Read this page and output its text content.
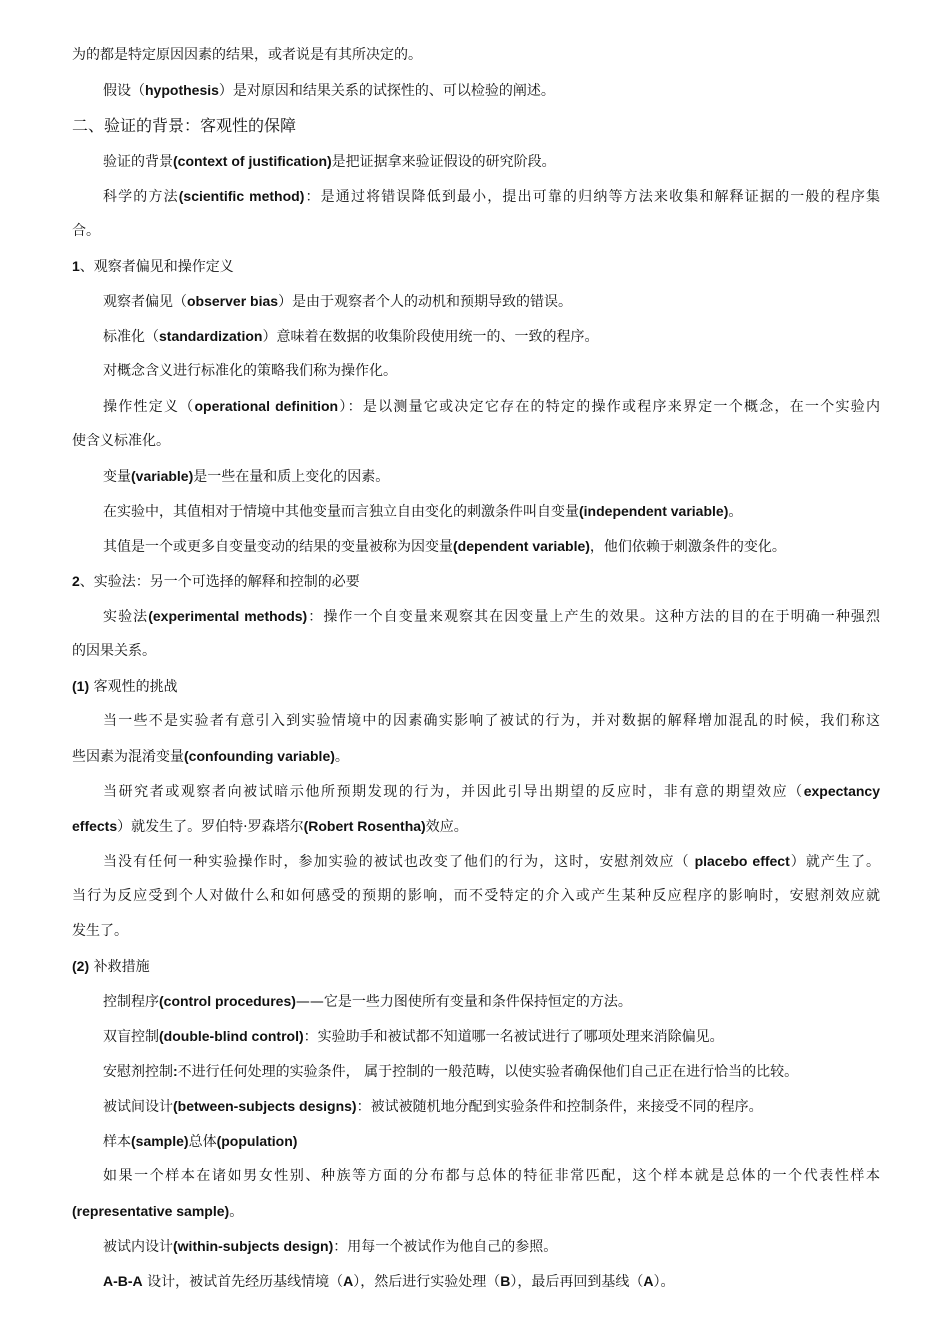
为的都是特定原因因素的结果，或者说是有其所决定的。
假设（hypothesis）是对原因和结果关系的试探性的、可以检验的阐述。
二、验证的背景：客观性的保障
验证的背景(context of justification)是把证据拿来验证假设的研究阶段。
科学的方法(scientific method)：是通过将错误降低到最小，提出可靠的归纳等方法来收集和解释证据的一般的程序集
合。
1、观察者偏见和操作定义
观察者偏见（observer bias）是由于观察者个人的动机和预期导致的错误。
标准化（standardization）意味着在数据的收集阶段使用统一的、一致的程序。
对概念含义进行标准化的策略我们称为操作化。
操作性定义（operational definition）：是以测量它或决定它存在的特定的操作或程序来界定一个概念，在一个实验内
使含义标准化。
变量(variable)是一些在量和质上变化的因素。
在实验中，其值相对于情境中其他变量而言独立自由变化的刺激条件叫自变量(independent variable)。
其值是一个或更多自变量变动的结果的变量被称为因变量(dependent variable)，他们依赖于刺激条件的变化。
2、实验法：另一个可选择的解释和控制的必要
实验法(experimental methods)：操作一个自变量来观察其在因变量上产生的效果。这种方法的目的在于明确一种强烈
的因果关系。
(1) 客观性的挑战
当一些不是实验者有意引入到实验情境中的因素确实影响了被试的行为，并对数据的解释增加混乱的时候，我们称这
些因素为混淆变量(confounding variable)。
当研究者或观察者向被试暗示他所预期发现的行为，并因此引导出期望的反应时，非有意的期望效应（expectancy
effects）就发生了。罗伯特·罗森塔尔(Robert Rosentha)效应。
当没有任何一种实验操作时，参加实验的被试也改变了他们的行为，这时，安慰剂效应（ placebo effect）就产生了。
当行为反应受到个人对做什么和如何感受的预期的影响，而不受特定的介入或产生某种反应程序的影响时，安慰剂效应就
发生了。
(2) 补救措施
控制程序(control procedures)——它是一些力图使所有变量和条件保持恒定的方法。
双盲控制(double-blind control)：实验助手和被试都不知道哪一名被试进行了哪项处理来消除偏见。
安慰剂控制:不进行任何处理的实验条件， 属于控制的一般范畴，以使实验者确保他们自己正在进行恰当的比较。
被试间设计(between-subjects designs)：被试被随机地分配到实验条件和控制条件，来接受不同的程序。
样本(sample)总体(population)
如果一个样本在诸如男女性别、种族等方面的分布都与总体的特征非常匹配，这个样本就是总体的一个代表性样本
(representative sample)。
被试内设计(within-subjects design)：用每一个被试作为他自己的参照。
A-B-A 设计，被试首先经历基线情境（A），然后进行实验处理（B），最后再回到基线（A）。
